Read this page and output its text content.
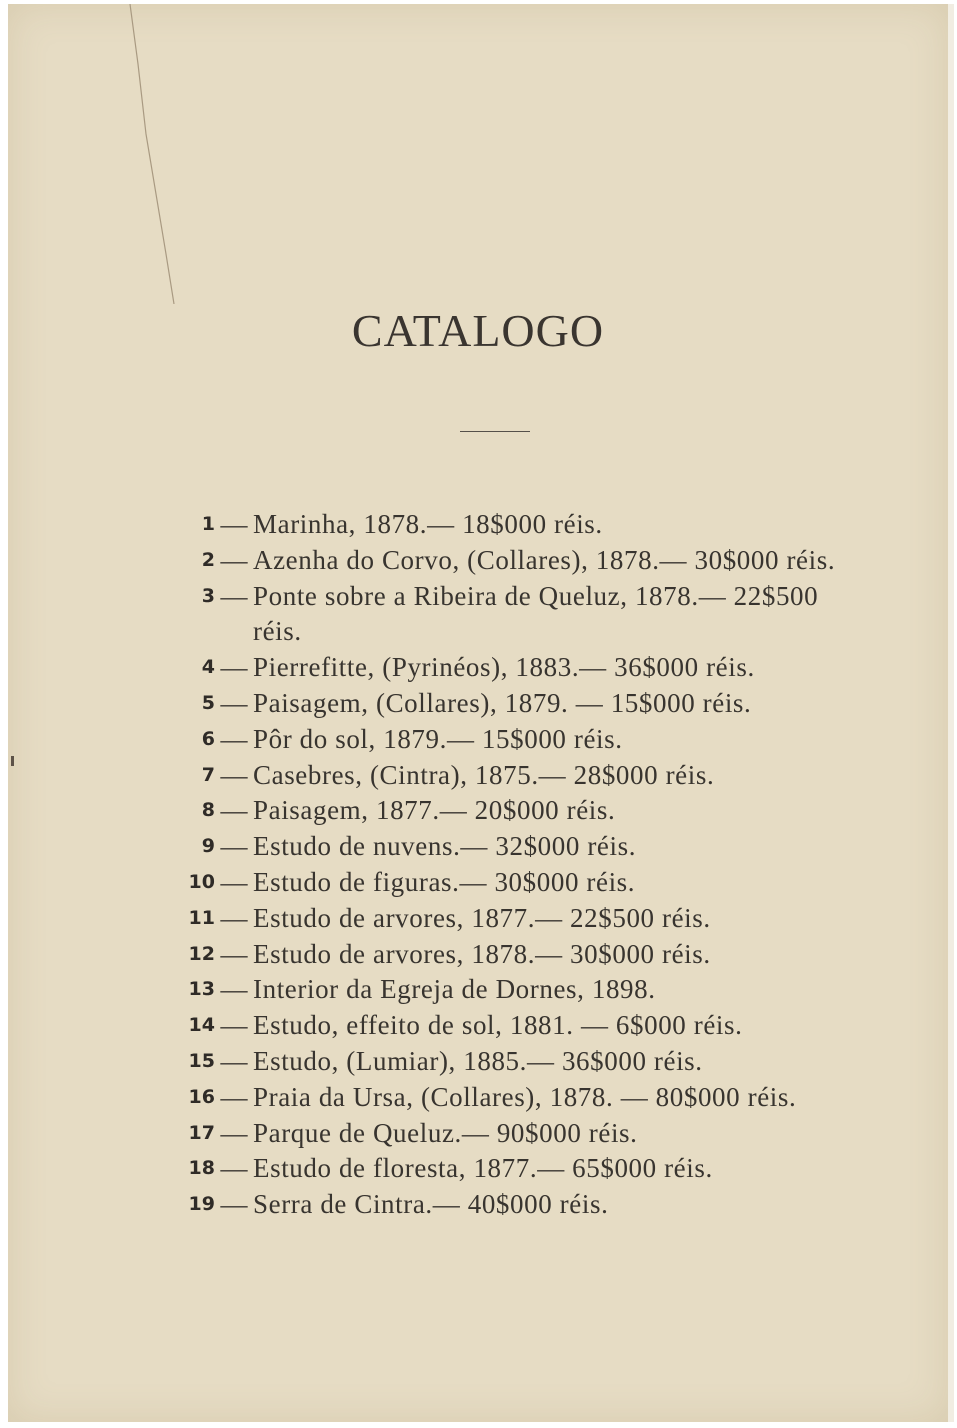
CATALOGO
1 — Marinha, 1878.— 18$000 réis.
2 — Azenha do Corvo, (Collares), 1878.— 30$000 réis.
3 — Ponte sobre a Ribeira de Queluz, 1878.— 22$500 réis.
4 — Pierrefitte, (Pyrinéos), 1883.— 36$000 réis.
5 — Paisagem, (Collares), 1879. — 15$000 réis.
6 — Pôr do sol, 1879.— 15$000 réis.
7 — Casebres, (Cintra), 1875.— 28$000 réis.
8 — Paisagem, 1877.— 20$000 réis.
9 — Estudo de nuvens.— 32$000 réis.
10 — Estudo de figuras.— 30$000 réis.
11 — Estudo de arvores, 1877.— 22$500 réis.
12 — Estudo de arvores, 1878.— 30$000 réis.
13 — Interior da Egreja de Dornes, 1898.
14 — Estudo, effeito de sol, 1881. — 6$000 réis.
15 — Estudo, (Lumiar), 1885.— 36$000 réis.
16 — Praia da Ursa, (Collares), 1878. — 80$000 réis.
17 — Parque de Queluz.— 90$000 réis.
18 — Estudo de floresta, 1877.— 65$000 réis.
19 — Serra de Cintra.— 40$000 réis.
